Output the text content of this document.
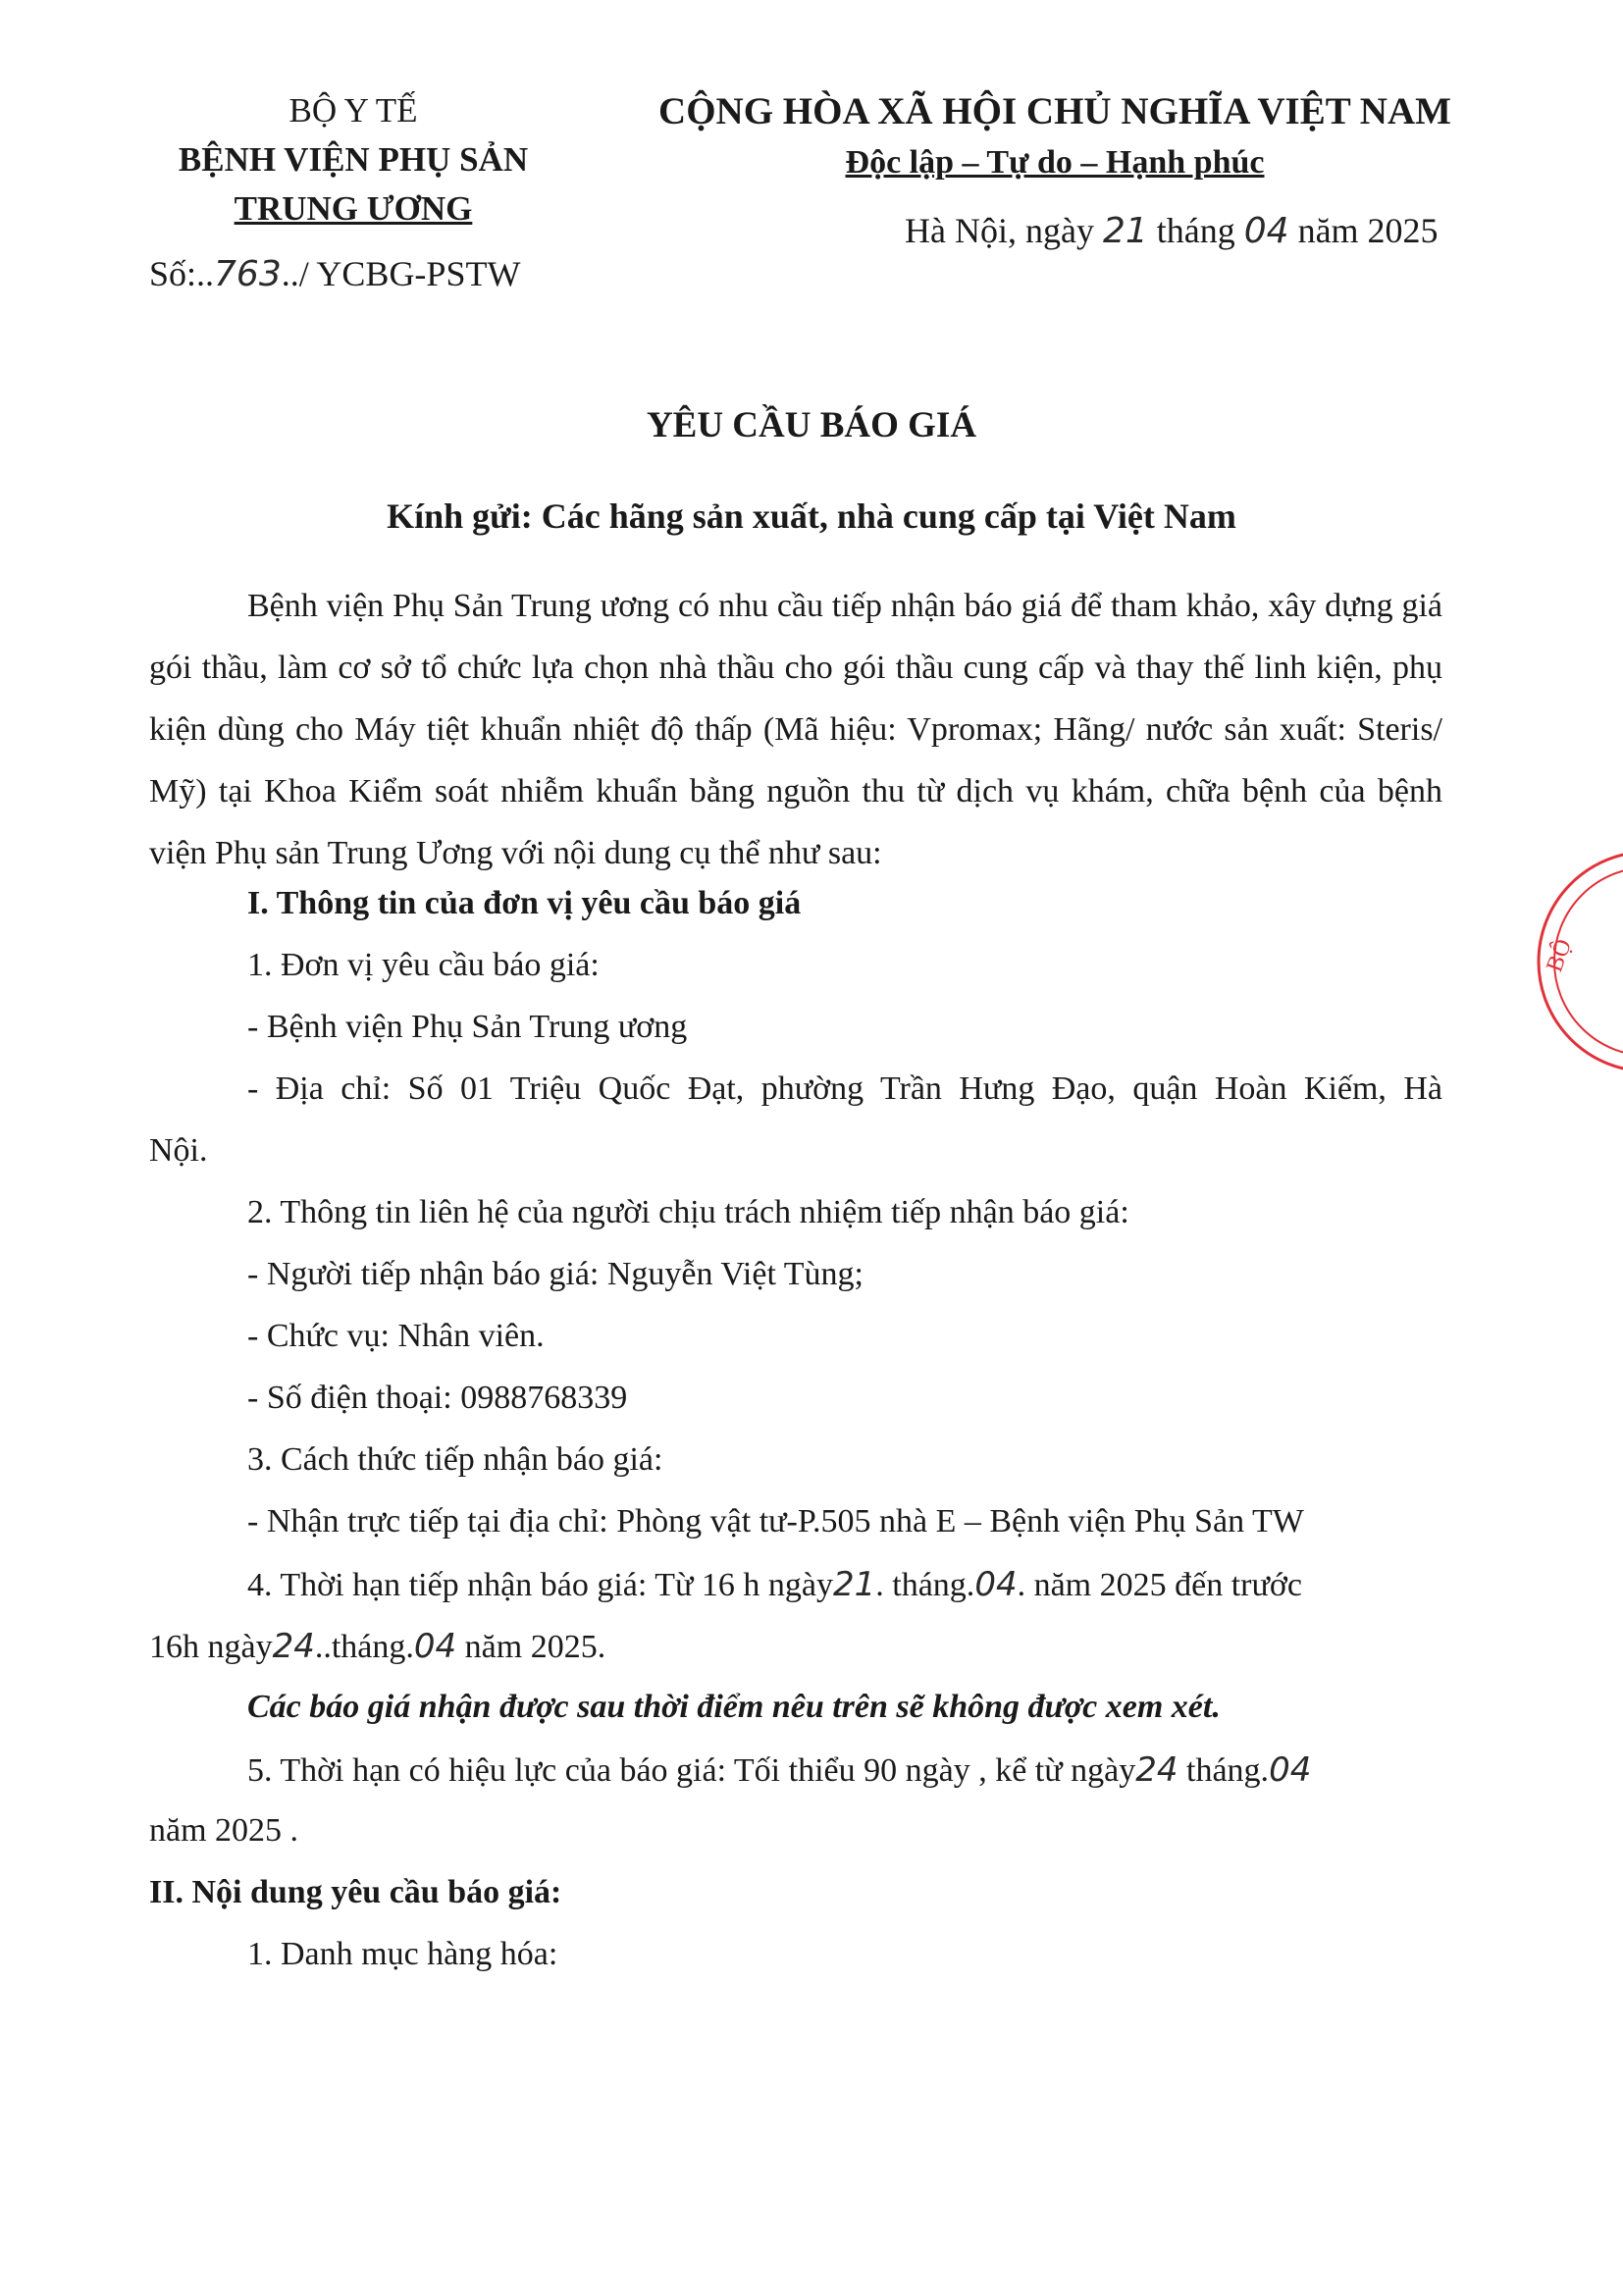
BỘ Y TẾ
BỆNH VIỆN PHỤ SẢN
TRUNG ƯƠNG
CỘNG HÒA XÃ HỘI CHỦ NGHĨA VIỆT NAM
Độc lập – Tự do – Hạnh phúc
Hà Nội, ngày 21 tháng 04 năm 2025
Số:..763../ YCBG-PSTW
YÊU CẦU BÁO GIÁ
Kính gửi: Các hãng sản xuất, nhà cung cấp tại Việt Nam

Bệnh viện Phụ Sản Trung ương có nhu cầu tiếp nhận báo giá để tham khảo, xây dựng giá gói thầu, làm cơ sở tổ chức lựa chọn nhà thầu cho gói thầu cung cấp và thay thế linh kiện, phụ kiện dùng cho Máy tiệt khuẩn nhiệt độ thấp (Mã hiệu: Vpromax; Hãng/ nước sản xuất: Steris/ Mỹ) tại Khoa Kiểm soát nhiễm khuẩn bằng nguồn thu từ dịch vụ khám, chữa bệnh của bệnh viện Phụ sản Trung Ương với nội dung cụ thể như sau:

I. Thông tin của đơn vị yêu cầu báo giá
1. Đơn vị yêu cầu báo giá:
- Bệnh viện Phụ Sản Trung ương
- Địa chỉ: Số 01 Triệu Quốc Đạt, phường Trần Hưng Đạo, quận Hoàn Kiếm, Hà
Nội.
2. Thông tin liên hệ của người chịu trách nhiệm tiếp nhận báo giá:
- Người tiếp nhận báo giá: Nguyễn Việt Tùng;
- Chức vụ: Nhân viên.
- Số điện thoại: 0988768339
3. Cách thức tiếp nhận báo giá:
- Nhận trực tiếp tại địa chỉ: Phòng vật tư-P.505 nhà E – Bệnh viện Phụ Sản TW
4. Thời hạn tiếp nhận báo giá: Từ 16 h ngày21. tháng.04. năm 2025 đến trước
16h ngày24..tháng.04 năm 2025.
Các báo giá nhận được sau thời điểm nêu trên sẽ không được xem xét.
5. Thời hạn có hiệu lực của báo giá: Tối thiểu 90 ngày , kể từ ngày24 tháng.04
năm 2025 .
II. Nội dung yêu cầu báo giá:
1. Danh mục hàng hóa:
BỘ
